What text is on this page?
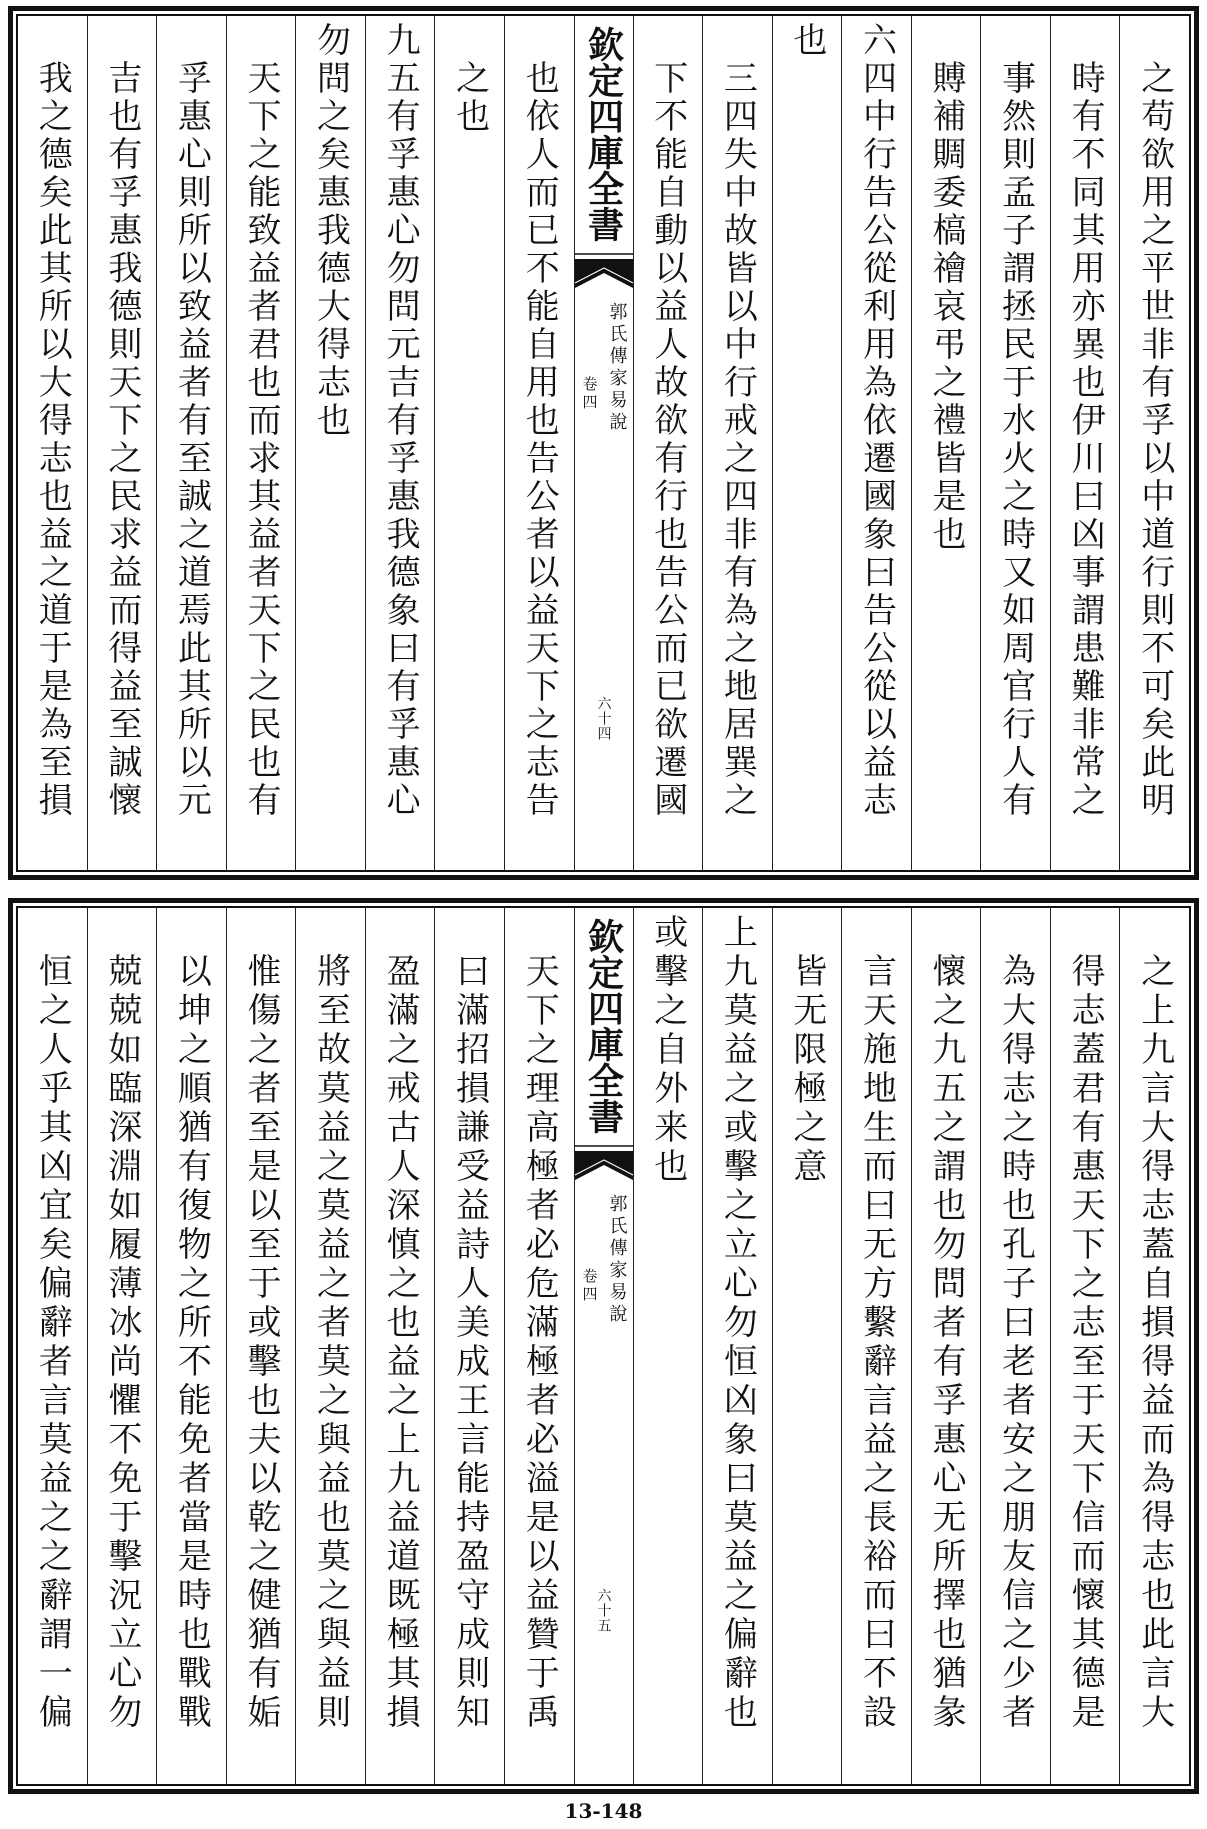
之苟欲用之平世非有孚以中道行則不可矣此明
時有不同其用亦異也伊川曰凶事謂患難非常之
事然則孟子謂拯民于水火之時又如周官行人有
賻補賙委槁禬哀弔之禮皆是也
六四中行告公從利用為依遷國象曰告公從以益志
也
三四失中故皆以中行戒之四非有為之地居巽之
下不能自動以益人故欲有行也告公而已欲遷國
欽定四庫全書
郭氏傳家易說
卷四
六十四
也依人而已不能自用也告公者以益天下之志告
之也
九五有孚惠心勿問元吉有孚惠我德象曰有孚惠心
勿問之矣惠我德大得志也
天下之能致益者君也而求其益者天下之民也有
孚惠心則所以致益者有至誠之道焉此其所以元
吉也有孚惠我德則天下之民求益而得益至誠懷
我之德矣此其所以大得志也益之道于是為至損
之上九言大得志蓋自損得益而為得志也此言大
得志蓋君有惠天下之志至于天下信而懷其德是
為大得志之時也孔子曰老者安之朋友信之少者
懷之九五之謂也勿問者有孚惠心无所擇也猶彖
言天施地生而曰无方繫辭言益之長裕而曰不設
皆无限極之意
上九莫益之或擊之立心勿恒凶象曰莫益之偏辭也
或擊之自外来也
欽定四庫全書
郭氏傳家易說
卷四
六十五
天下之理高極者必危滿極者必溢是以益贊于禹
曰滿招損謙受益詩人美成王言能持盈守成則知
盈滿之戒古人深慎之也益之上九益道既極其損
將至故莫益之莫益之者莫之與益也莫之與益則
惟傷之者至是以至于或擊也夫以乾之健猶有姤
以坤之順猶有復物之所不能免者當是時也戰戰
兢兢如臨深淵如履薄冰尚懼不免于擊況立心勿
恒之人乎其凶宜矣偏辭者言莫益之之辭謂一偏
13-148
